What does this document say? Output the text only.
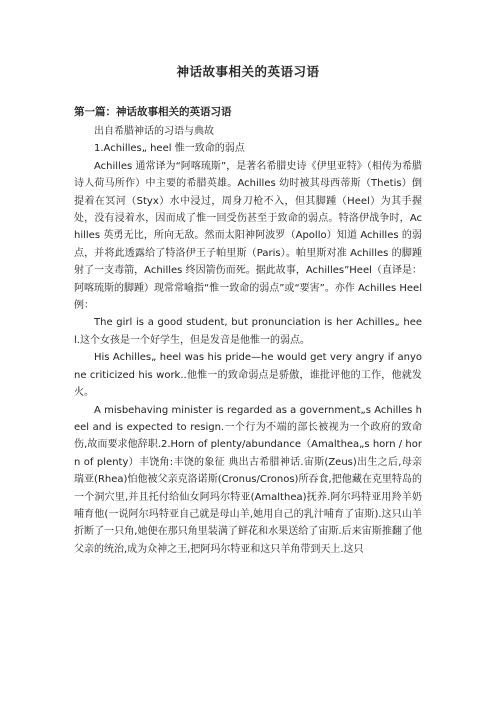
神话故事相关的英语习语
第一篇：神话故事相关的英语习语

出自希腊神话的习语与典故

1.Achilles„ heel 惟一致命的弱点

Achilles 通常译为“阿喀琉斯”，是著名希腊史诗《伊里亚特》（相传为希腊诗人荷马所作）中主要的希腊英雄。Achilles 幼时被其母西蒂斯（Thetis）倒提着在冥河（Styx）水中浸过，周身刀枪不入，但其脚踵（Heel）为其手握处，没有浸着水，因而成了惟一回受伤甚至于致命的弱点。特洛伊战争时，Achilles 英勇无比，所向无敌。然而太阳神阿波罗（Apollo）知道 Achilles 的弱点，并将此透露给了特洛伊王子帕里斯（Paris）。帕里斯对准 Achilles 的脚踵射了一支毒箭，Achilles 终因箭伤而死。据此故事，Achilles”Heel（直译是：阿喀琉斯的脚踵）现常常喻指“惟一致命的弱点”或“要害”。亦作 Achilles Heel 例：

The girl is a good student, but pronunciation is her Achilles„ heel.这个女孩是一个好学生，但是发音是他惟一的弱点。

His Achilles„ heel was his pride—he would get very angry if anyone criticized his work..他惟一的致命弱点是骄傲，谁批评他的工作，他就发火。

A misbehaving minister is regarded as a government„s Achilles heel and is expected to resign.一个行为不端的部长被视为一个政府的致命伤,故而要求他辞职.2.Horn of plenty/abundance（Amalthea„s horn / horn of plenty）丰饶角:丰饶的象征 典出古希腊神话.宙斯(Zeus)出生之后,母亲瑞亚(Rhea)怕他被父亲克洛诺斯(Cronus/Cronos)所吞食,把他藏在克里特岛的一个洞穴里,并且托付给仙女阿玛尔特亚(Amalthea)抚养.阿尔玛特亚用羚羊奶哺育他(一说阿尔玛特亚自己就是母山羊,她用自己的乳汁哺育了宙斯).这只山羊折断了一只角,她便在那只角里装满了鲜花和水果送给了宙斯.后来宙斯推翻了他父亲的统治,成为众神之王,把阿玛尔特亚和这只羊角带到天上.这只
